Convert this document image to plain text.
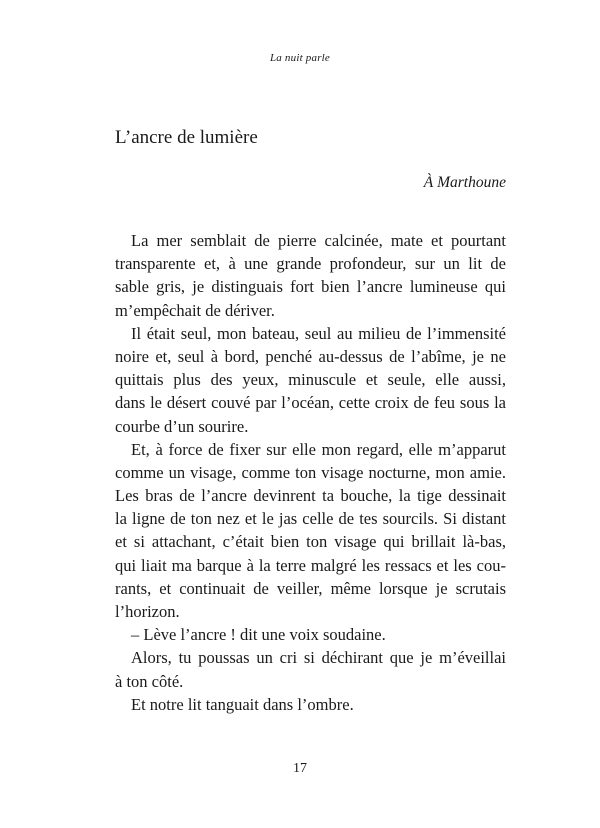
La nuit parle
L’ancre de lumière
À Marthoune
La mer semblait de pierre calcinée, mate et pourtant
transparente et, à une grande profondeur, sur un lit de
sable gris, je distinguais fort bien l’ancre lumineuse qui
m’empêchait de dériver.
Il était seul, mon bateau, seul au milieu de l’immensité
noire et, seul à bord, penché au-dessus de l’abîme, je ne
quittais plus des yeux, minuscule et seule, elle aussi,
dans le désert couvé par l’océan, cette croix de feu sous la
courbe d’un sourire.
Et, à force de fixer sur elle mon regard, elle m’apparut
comme un visage, comme ton visage nocturne, mon amie.
Les bras de l’ancre devinrent ta bouche, la tige dessinait
la ligne de ton nez et le jas celle de tes sourcils. Si distant
et si attachant, c’était bien ton visage qui brillait là-bas,
qui liait ma barque à la terre malgré les ressacs et les cou-
rants, et continuait de veiller, même lorsque je scrutais
l’horizon.
– Lève l’ancre ! dit une voix soudaine.
Alors, tu poussas un cri si déchirant que je m’éveillai
à ton côté.
Et notre lit tanguait dans l’ombre.
17
